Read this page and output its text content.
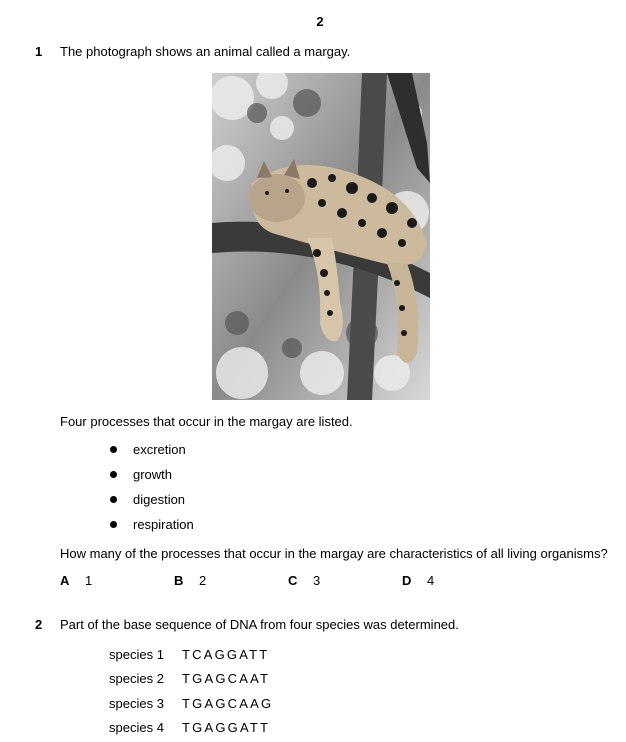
2
1 The photograph shows an animal called a margay.
Four processes that occur in the margay are listed.
excretion
growth
digestion
respiration
How many of the processes that occur in the margay are characteristics of all living organisms?
A 1	B 2	C 3	D 4
2 Part of the base sequence of DNA from four species was determined.
species 1 TCAGGATT
species 2 TGAGCAAT
species 3 TGAGCAAG
species 4 TGAGGATT
